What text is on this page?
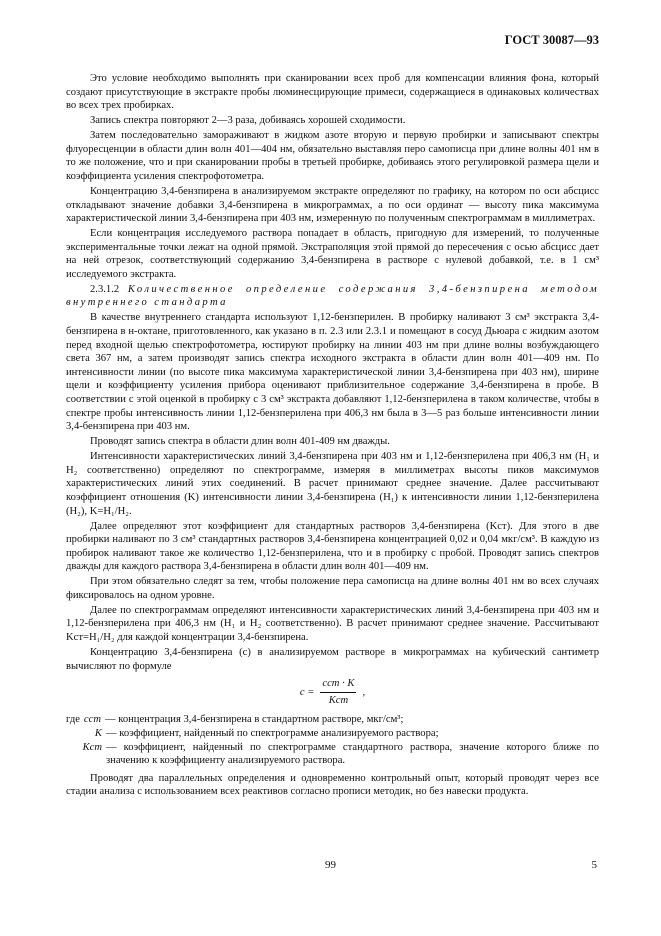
ГОСТ 30087—93

Это условие необходимо выполнять при сканировании всех проб для компенсации влияния фона, который создают присутствующие в экстракте пробы люминесцирующие примеси, содержащиеся в одинаковых количествах во всех трех пробирках.

Запись спектра повторяют 2—3 раза, добиваясь хорошей сходимости.

Затем последовательно замораживают в жидком азоте вторую и первую пробирки и записывают спектры флуоресценции в области длин волн 401—404 нм, обязательно выставляя перо самописца при длине волны 401 нм в то же положение, что и при сканировании пробы в третьей пробирке, добиваясь этого регулировкой размера щели и коэффициента усиления спектрофотометра.

Концентрацию 3,4-бензпирена в анализируемом экстракте определяют по графику, на котором по оси абсцисс откладывают значение добавки 3,4-бензпирена в микрограммах, а по оси ординат — высоту пика максимума характеристической линии 3,4-бензпирена при 403 нм, измеренную по полученным спектрограммам в миллиметрах.

Если концентрация исследуемого раствора попадает в область, пригодную для измерений, то полученные экспериментальные точки лежат на одной прямой. Экстраполяция этой прямой до пересечения с осью абсцисс дает на ней отрезок, соответствующий содержанию 3,4-бензпирена в растворе с нулевой добавкой, т.е. в 1 см³ исследуемого экстракта.

2.3.1.2 Количественное определение содержания 3,4-бензпирена методом внутреннего стандарта

В качестве внутреннего стандарта используют 1,12-бензперилен. В пробирку наливают 3 см³ экстракта 3,4-бензпирена в н-октане, приготовленного, как указано в п. 2.3 или 2.3.1 и помещают в сосуд Дьюара с жидким азотом перед входной щелью спектрофотометра, юстируют пробирку на линии 403 нм при длине волны возбуждающего света 367 нм, а затем производят запись спектра исходного экстракта в области длин волн 401—409 нм. По интенсивности линии (по высоте пика максимума характеристической линии 3,4-бензпирена при 403 нм), ширине щели и коэффициенту усиления прибора оценивают приблизительное содержание 3,4-бензпирена в пробе. В соответствии с этой оценкой в пробирку с 3 см³ экстракта добавляют 1,12-бензперилена в таком количестве, чтобы в спектре пробы интенсивность линии 1,12-бензперилена при 406,3 нм была в 3—5 раз больше интенсивности линии 3,4-бензпирена при 403 нм.

Проводят запись спектра в области длин волн 401-409 нм дважды.

Интенсивности характеристических линий 3,4-бензпирена при 403 нм и 1,12-бензперилена при 406,3 нм (H₁ и H₂ соответственно) определяют по спектрограмме, измеряя в миллиметрах высоты пиков максимумов характеристических линий этих соединений. В расчет принимают среднее значение. Далее рассчитывают коэффициент отношения (K) интенсивности линии 3,4-бензпирена (H₁) к интенсивности линии 1,12-бензперилена (H₂), K=H₁/H₂.

Далее определяют этот коэффициент для стандартных растворов 3,4-бензпирена (Kст). Для этого в две пробирки наливают по 3 см³ стандартных растворов 3,4-бензпирена концентрацией 0,02 и 0,04 мкг/см³. В каждую из пробирок наливают такое же количество 1,12-бензперилена, что и в пробирку с пробой. Проводят запись спектров дважды для каждого раствора 3,4-бензпирена в области длин волн 401—409 нм.

При этом обязательно следят за тем, чтобы положение пера самописца на длине волны 401 нм во всех случаях фиксировалось на одном уровне.

Далее по спектрограммам определяют интенсивности характеристических линий 3,4-бензпирена при 403 нм и 1,12-бензперилена при 406,3 нм (H₁ и H₂ соответственно). В расчет принимают среднее значение. Рассчитывают Kст=H₁/H₂ для каждой концентрации 3,4-бензпирена.

Концентрацию 3,4-бензпирена (c) в анализируемом растворе в микрограммах на кубический сантиметр вычисляют по формуле

$c = \frac{\text{cст · K}}{\text{Kст}}$ ,
где cст — концентрация 3,4-бензпирена в стандартном растворе, мкг/см³;
K — коэффициент, найденный по спектрограмме анализируемого раствора;
Kст — коэффициент, найденный по спектрограмме стандартного раствора, значение которого ближе по значению к коэффициенту анализируемого раствора.

Проводят два параллельных определения и одновременно контрольный опыт, который проводят через все стадии анализа с использованием всех реактивов согласно прописи методик, но без навески продукта.

99	5
